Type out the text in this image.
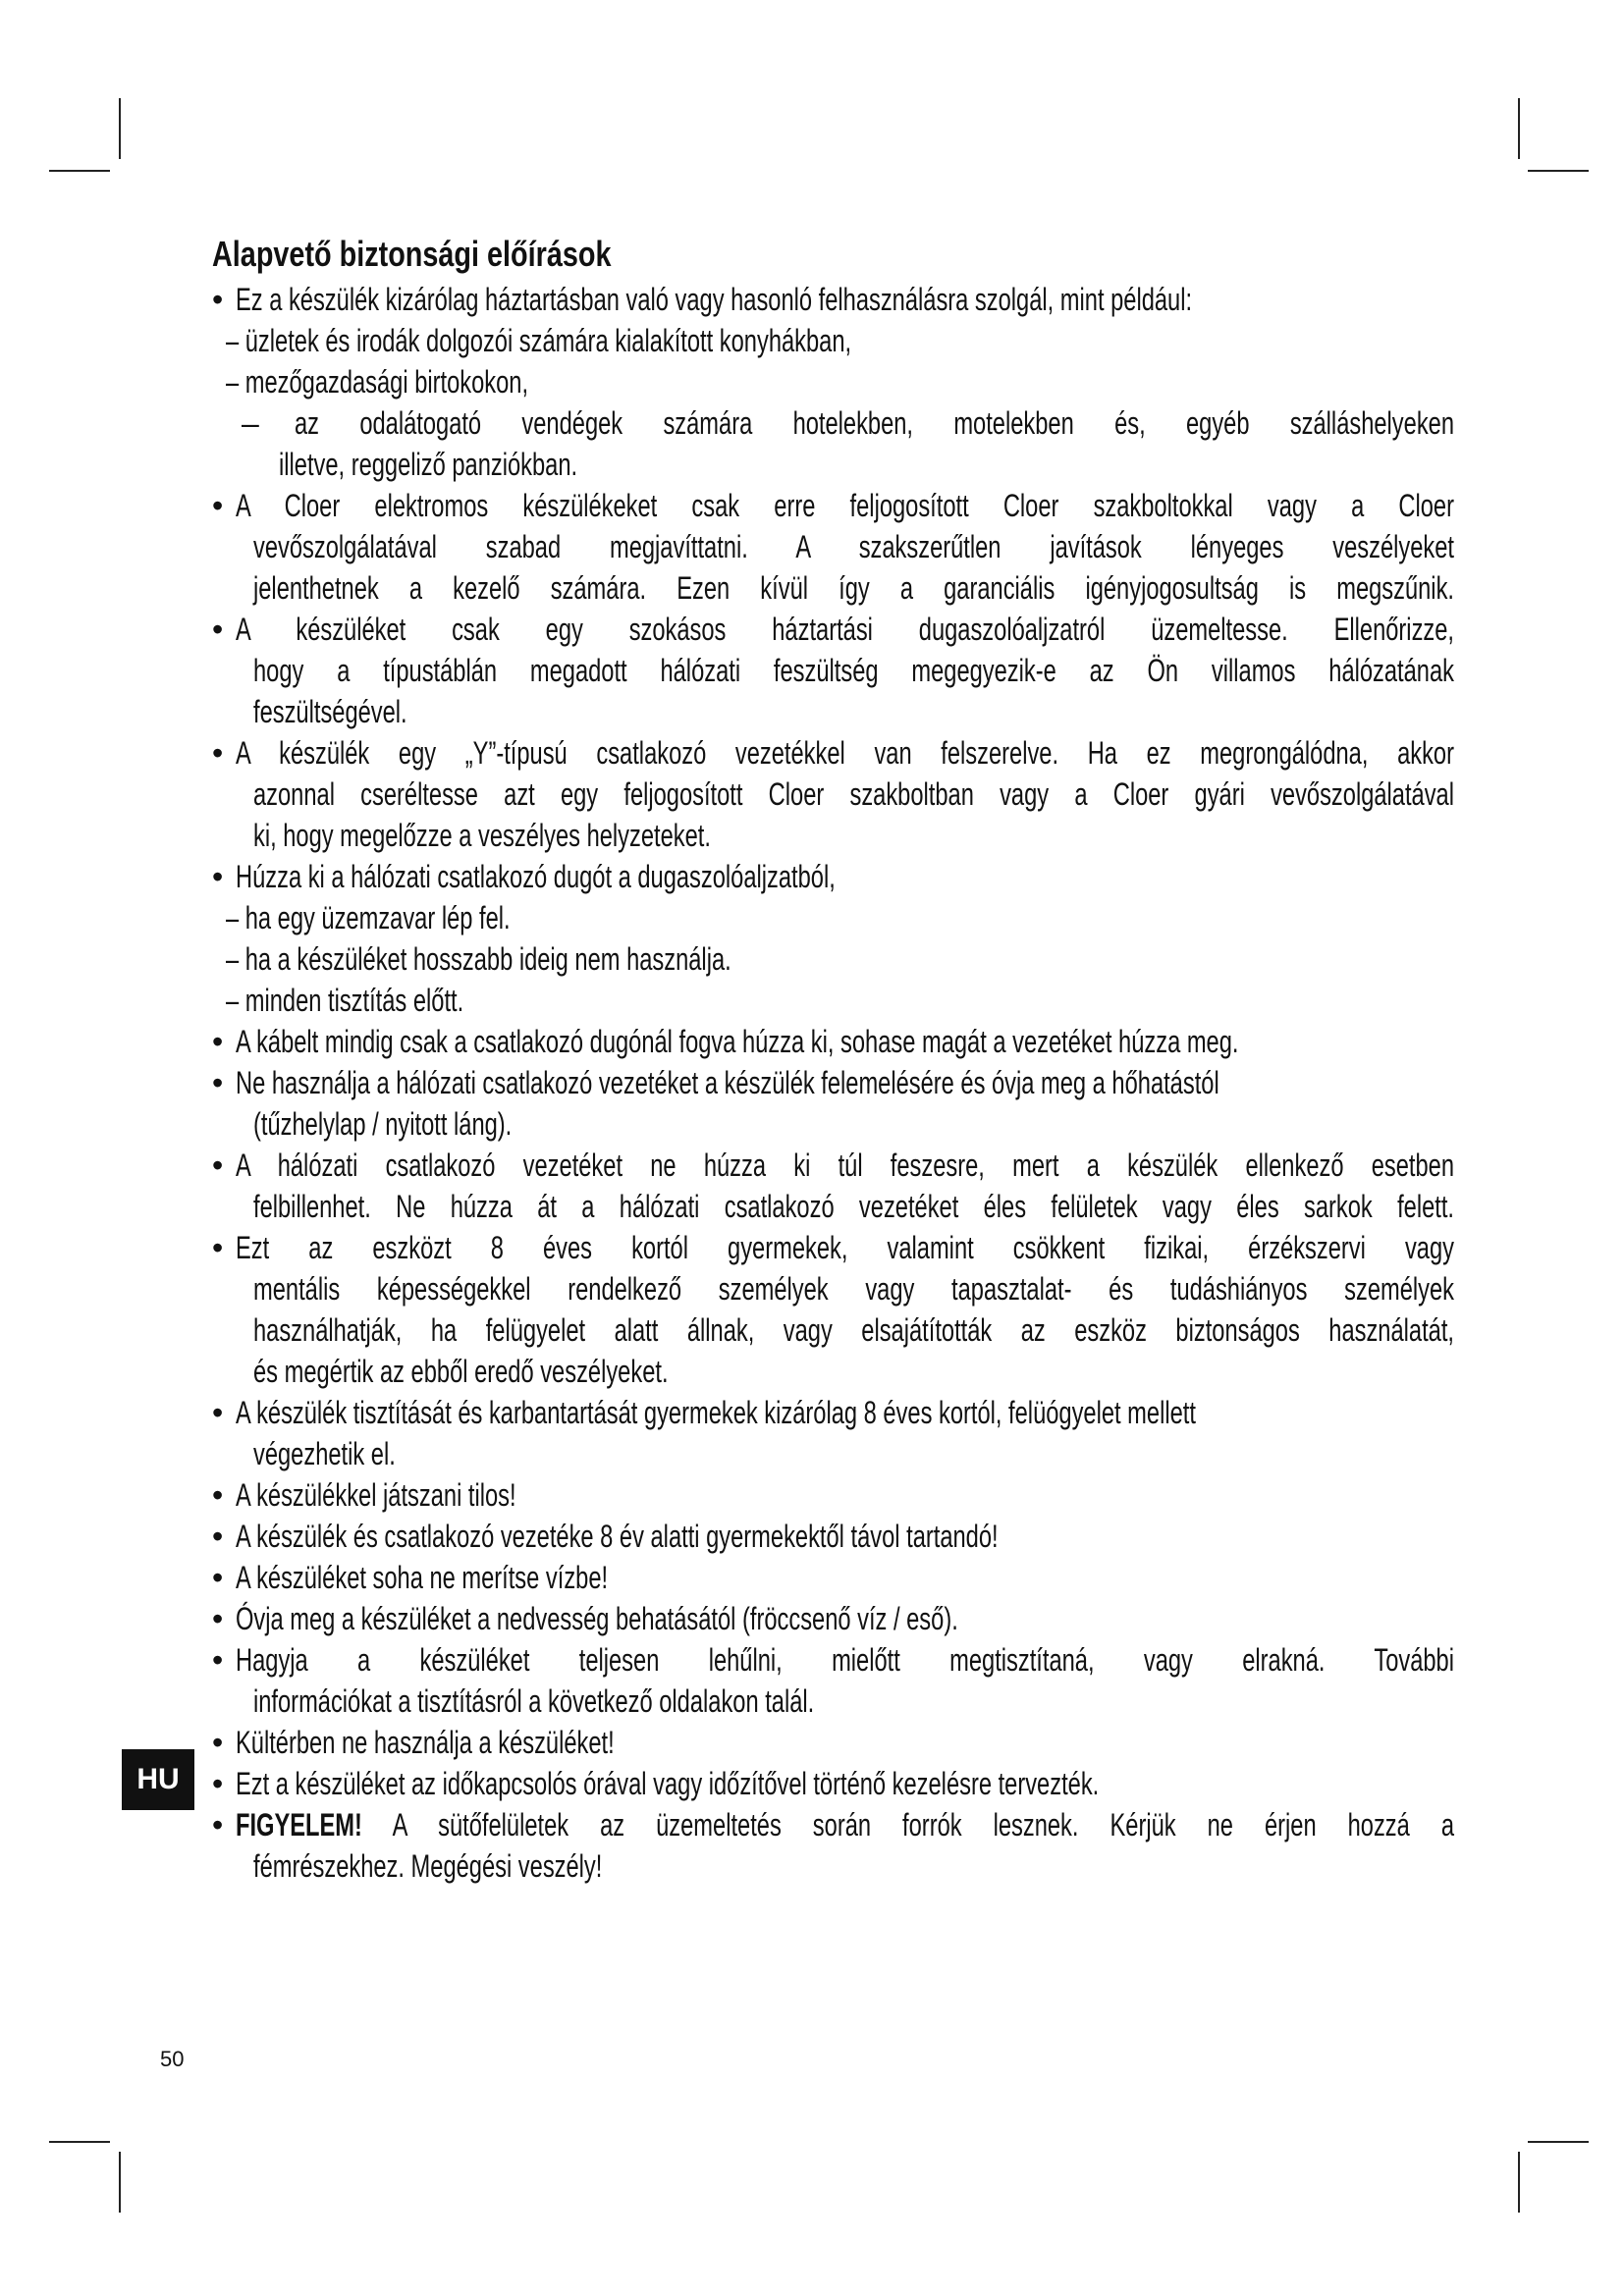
Alapvető biztonsági előírások
• Ez a készülék kizárólag háztartásban való vagy hasonló felhasználásra szolgál, mint például:
– üzletek és irodák dolgozói számára kialakított konyhákban,
– mezőgazdasági birtokokon,
– az odalátogató vendégek számára hotelekben, motelekben és, egyéb szálláshelyeken
illetve, reggeliző panziókban.
• A Cloer elektromos készülékeket csak erre feljogosított Cloer szakboltokkal vagy a Cloer
vevőszolgálatával szabad megjavíttatni. A szakszerűtlen javítások lényeges veszélyeket
jelenthetnek a kezelő számára. Ezen kívül így a garanciális igényjogosultság is megszűnik.
• A készüléket csak egy szokásos háztartási dugaszolóaljzatról üzemeltesse. Ellenőrizze,
hogy a típustáblán megadott hálózati feszültség megegyezik-e az Ön villamos hálózatának
feszültségével.
• A készülék egy „Y”-típusú csatlakozó vezetékkel van felszerelve. Ha ez megrongálódna, akkor
azonnal cseréltesse azt egy feljogosított Cloer szakboltban vagy a Cloer gyári vevőszolgálatával
ki, hogy megelőzze a veszélyes helyzeteket.
• Húzza ki a hálózati csatlakozó dugót a dugaszolóaljzatból,
– ha egy üzemzavar lép fel.
– ha a készüléket hosszabb ideig nem használja.
– minden tisztítás előtt.
• A kábelt mindig csak a csatlakozó dugónál fogva húzza ki, sohase magát a vezetéket húzza meg.
• Ne használja a hálózati csatlakozó vezetéket a készülék felemelésére és óvja meg a hőhatástól
(tűzhelylap / nyitott láng).
• A hálózati csatlakozó vezetéket ne húzza ki túl feszesre, mert a készülék ellenkező esetben
felbillenhet. Ne húzza át a hálózati csatlakozó vezetéket éles felületek vagy éles sarkok felett.
• Ezt az eszközt 8 éves kortól gyermekek, valamint csökkent fizikai, érzékszervi vagy
mentális képességekkel rendelkező személyek vagy tapasztalat- és tudáshiányos személyek
használhatják, ha felügyelet alatt állnak, vagy elsajátították az eszköz biztonságos használatát,
és megértik az ebből eredő veszélyeket.
• A készülék tisztítását és karbantartását gyermekek kizárólag 8 éves kortól, felüógyelet mellett
végezhetik el.
• A készülékkel játszani tilos!
• A készülék és csatlakozó vezetéke 8 év alatti gyermekektől távol tartandó!
• A készüléket soha ne merítse vízbe!
• Óvja meg a készüléket a nedvesség behatásától (fröccsenő víz / eső).
• Hagyja a készüléket teljesen lehűlni, mielőtt megtisztítaná, vagy elrakná. További
információkat a tisztításról a következő oldalakon talál.
• Kültérben ne használja a készüléket!
• Ezt a készüléket az időkapcsolós órával vagy időzítővel történő kezelésre tervezték.
• FIGYELEM! A sütőfelületek az üzemeltetés során forrók lesznek. Kérjük ne érjen hozzá a
fémrészekhez. Megégési veszély!
HU
50
